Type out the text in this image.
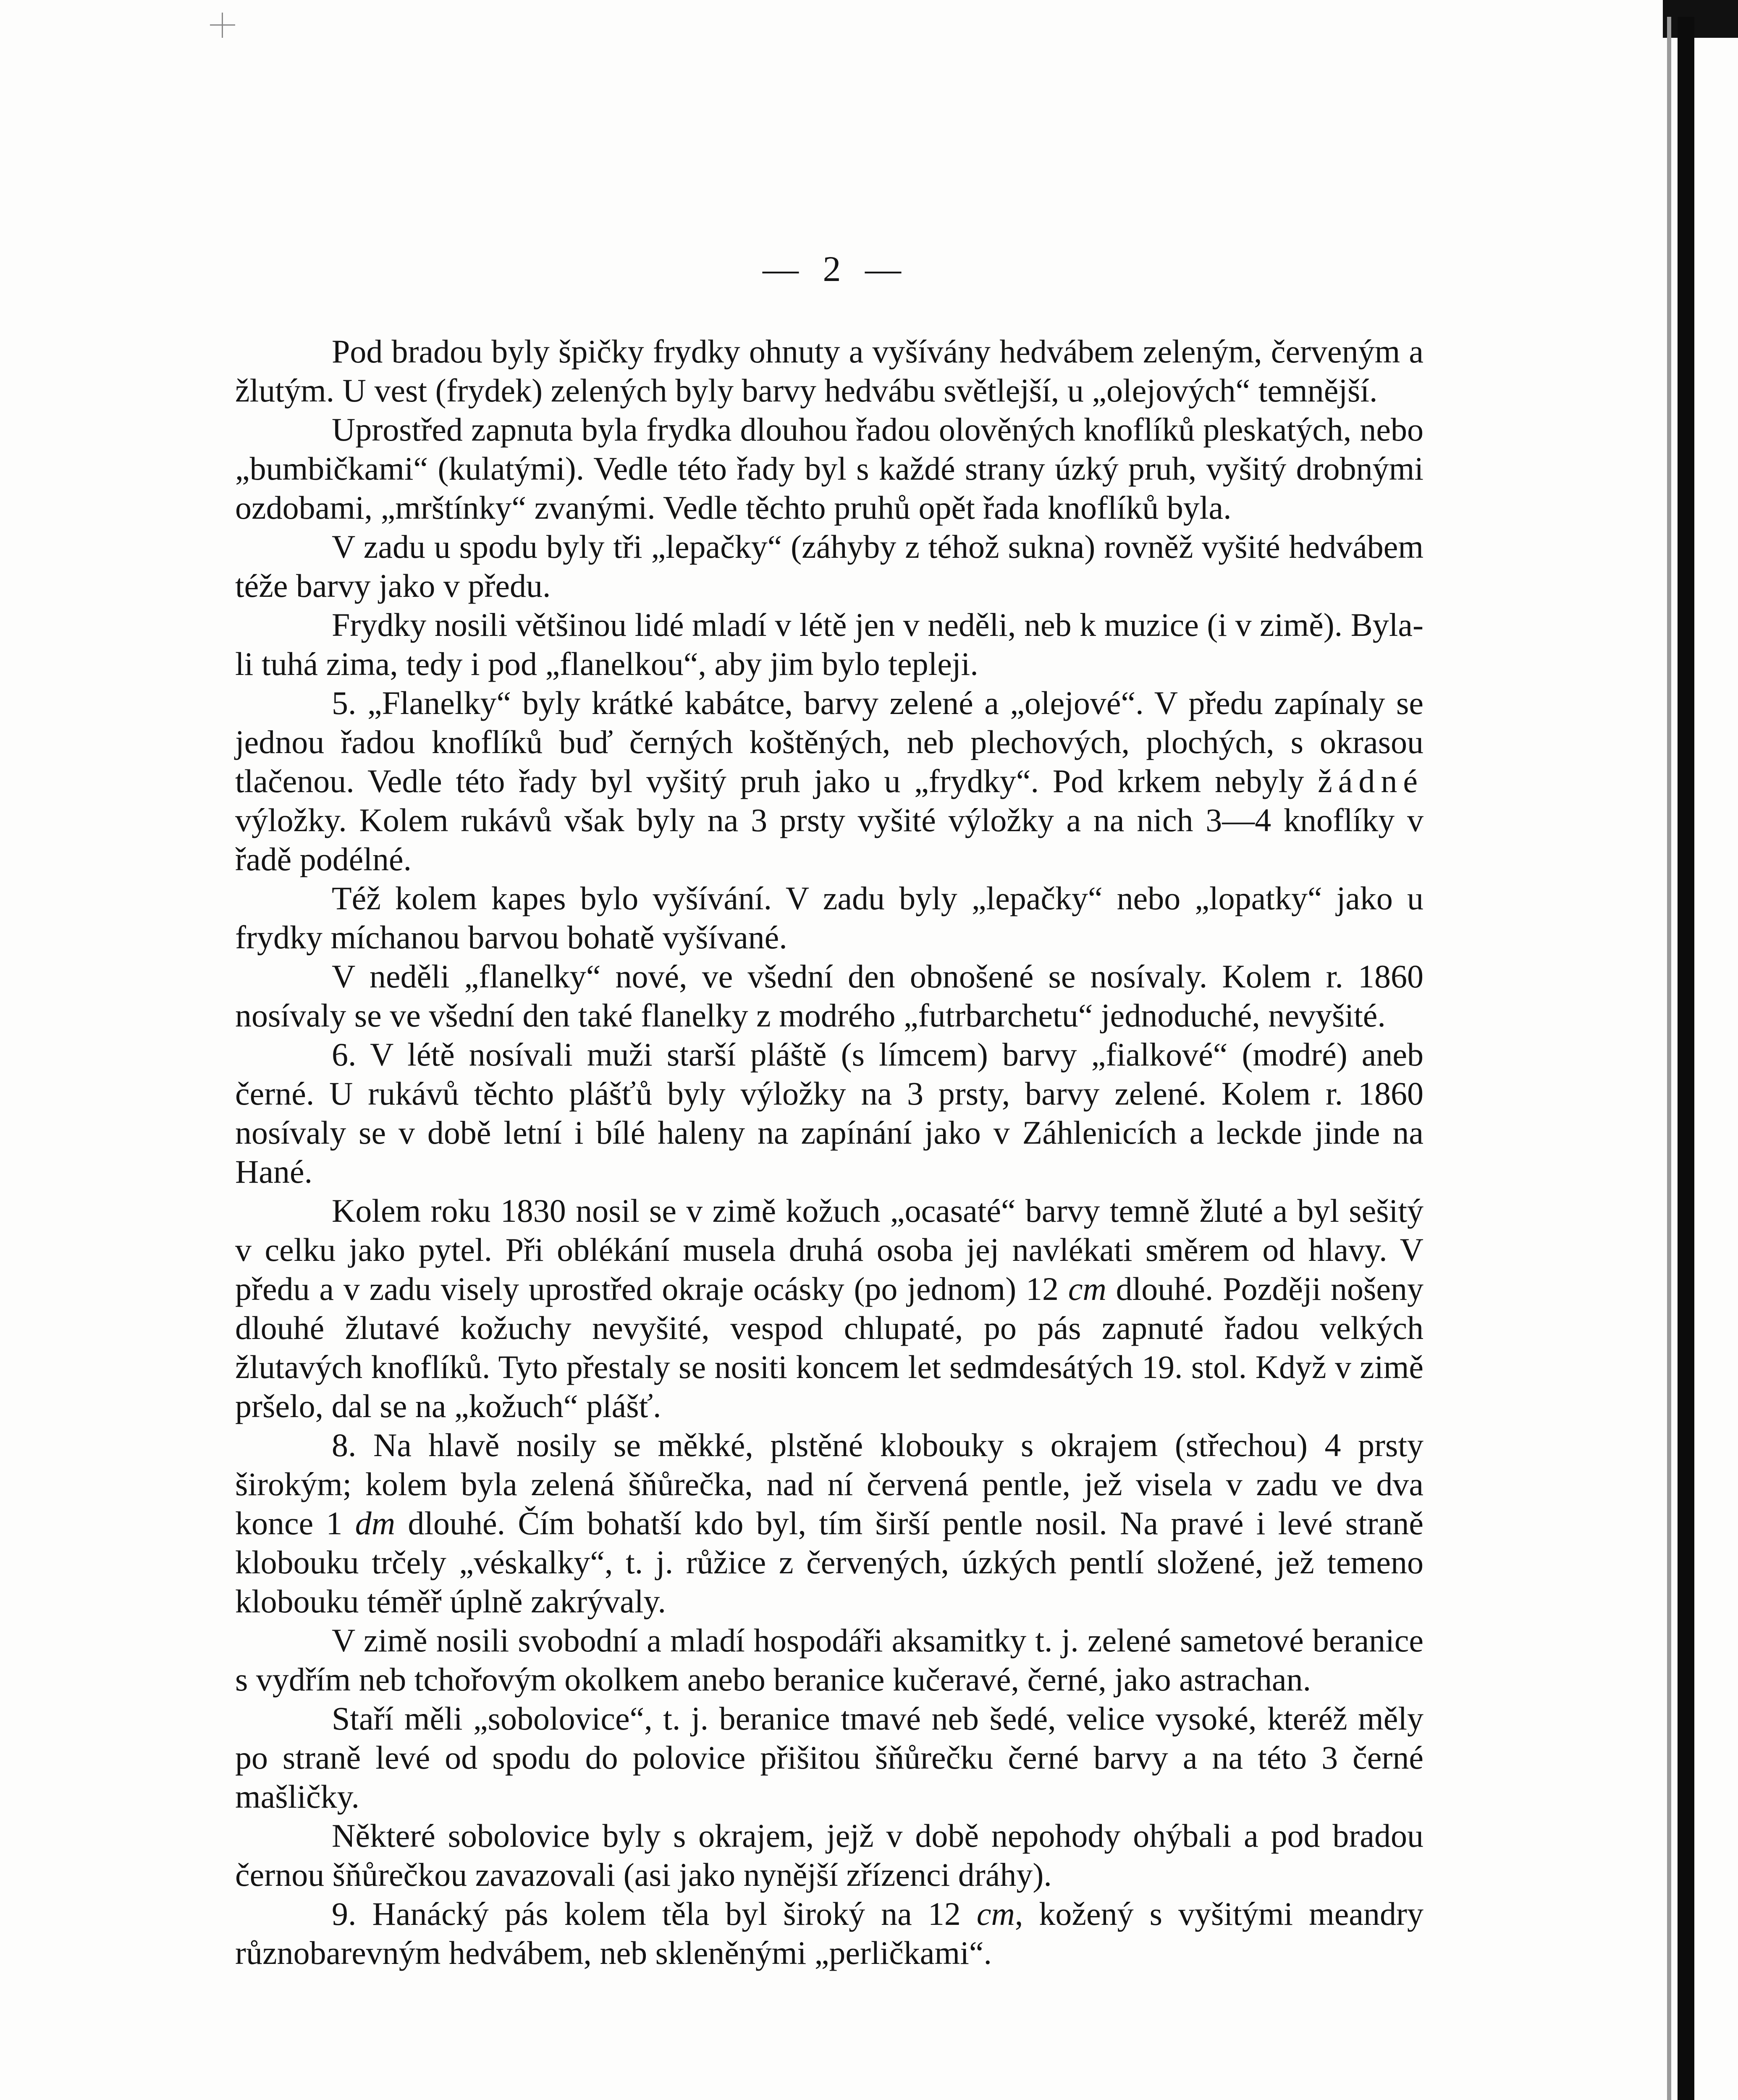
— 2 —

Pod bradou byly špičky frydky ohnuty a vyšívány hedvábem zeleným, červeným a žlutým. U vest (frydek) zelených byly barvy hedvábu světlejší, u „olejových“ temnější.

Uprostřed zapnuta byla frydka dlouhou řadou olověných knoflíků pleskatých, nebo „bumbičkami“ (kulatými). Vedle této řady byl s každé strany úzký pruh, vyšitý drobnými ozdobami, „mrštínky“ zvanými. Vedle těchto pruhů opět řada knoflíků byla.

V zadu u spodu byly tři „lepačky“ (záhyby z téhož sukna) rovněž vyšité hedvábem téže barvy jako v předu.

Frydky nosili většinou lidé mladí v létě jen v neděli, neb k muzice (i v zimě). Byla-li tuhá zima, tedy i pod „flanelkou“, aby jim bylo tepleji.

5. „Flanelky“ byly krátké kabátce, barvy zelené a „olejové“. V předu zapínaly se jednou řadou knoflíků buď černých koštěných, neb plechových, plochých, s okrasou tlačenou. Vedle této řady byl vyšitý pruh jako u „frydky“. Pod krkem nebyly žádné výložky. Kolem rukávů však byly na 3 prsty vyšité výložky a na nich 3—4 knoflíky v řadě podélné.

Též kolem kapes bylo vyšívání. V zadu byly „lepačky“ nebo „lopatky“ jako u frydky míchanou barvou bohatě vyšívané.

V neděli „flanelky“ nové, ve všední den obnošené se nosívaly. Kolem r. 1860 nosívaly se ve všední den také flanelky z modrého „futrbarchetu“ jednoduché, nevyšité.

6. V létě nosívali muži starší pláště (s límcem) barvy „fialkové“ (modré) aneb černé. U rukávů těchto plášťů byly výložky na 3 prsty, barvy zelené. Kolem r. 1860 nosívaly se v době letní i bílé haleny na zapínání jako v Záhlenicích a leckde jinde na Hané.

Kolem roku 1830 nosil se v zimě kožuch „ocasaté“ barvy temně žluté a byl sešitý v celku jako pytel. Při oblékání musela druhá osoba jej navlékati směrem od hlavy. V předu a v zadu visely uprostřed okraje ocásky (po jednom) 12 cm dlouhé. Později nošeny dlouhé žlutavé kožuchy nevyšité, vespod chlupaté, po pás zapnuté řadou velkých žlutavých knoflíků. Tyto přestaly se nositi koncem let sedmdesátých 19. stol. Když v zimě pršelo, dal se na „kožuch“ plášť.

8. Na hlavě nosily se měkké, plstěné klobouky s okrajem (střechou) 4 prsty širokým; kolem byla zelená šňůrečka, nad ní červená pentle, jež visela v zadu ve dva konce 1 dm dlouhé. Čím bohatší kdo byl, tím širší pentle nosil. Na pravé i levé straně klobouku trčely „véskalky“, t. j. růžice z červených, úzkých pentlí složené, jež temeno klobouku téměř úplně zakrývaly.

V zimě nosili svobodní a mladí hospodáři aksamitky t. j. zelené sametové beranice s vydřím neb tchořovým okolkem anebo beranice kučeravé, černé, jako astrachan.

Staří měli „sobolovice“, t. j. beranice tmavé neb šedé, velice vysoké, kteréž měly po straně levé od spodu do polovice přišitou šňůrečku černé barvy a na této 3 černé mašličky.

Některé sobolovice byly s okrajem, jejž v době nepohody ohýbali a pod bradou černou šňůrečkou zavazovali (asi jako nynější zřízenci dráhy).

9. Hanácký pás kolem těla byl široký na 12 cm, kožený s vyšitými meandry různobarevným hedvábem, neb skleněnými „perličkami“.
